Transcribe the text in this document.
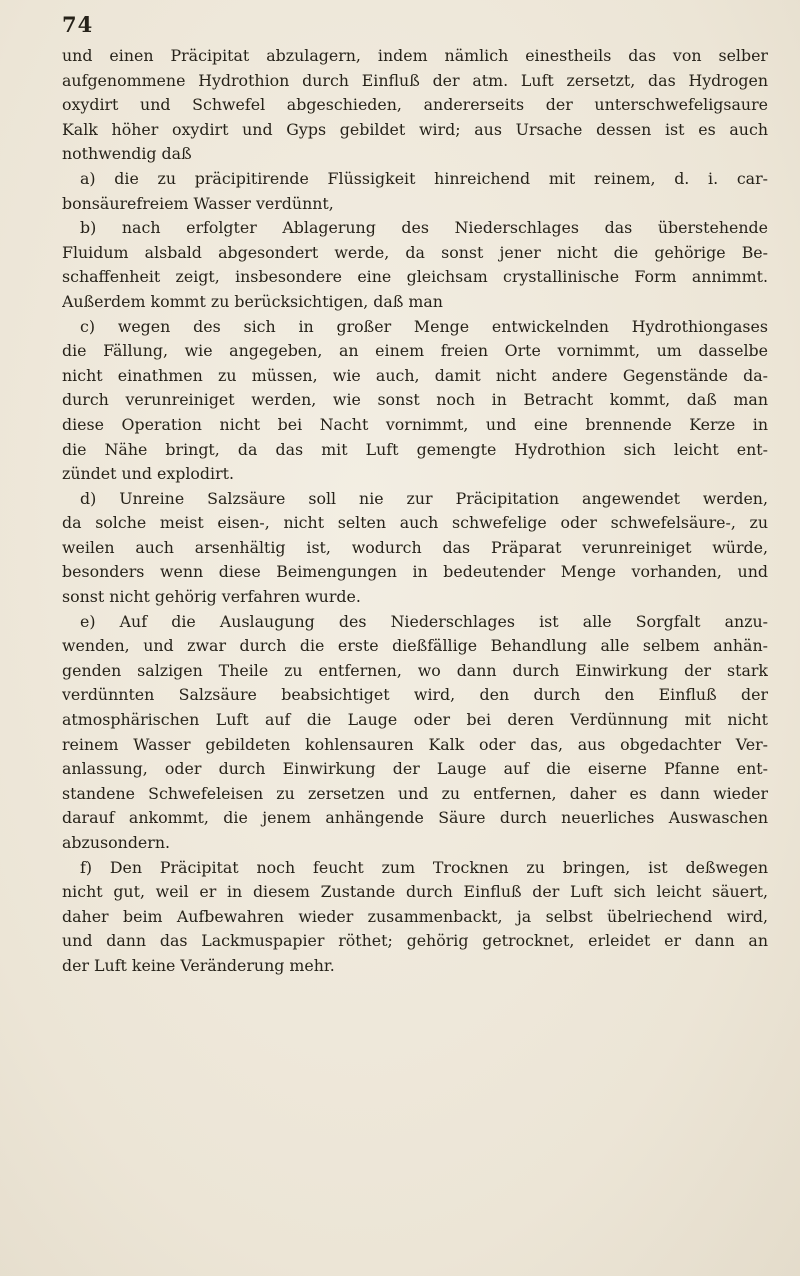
74
und einen Präcipitat abzulagern, indem nämlich einestheils das von selber
aufgenommene Hydrothion durch Einfluß der atm. Luft zersetzt, das Hydrogen
oxydirt und Schwefel abgeschieden, andererseits der unterschwefeligsaure
Kalk höher oxydirt und Gyps gebildet wird; aus Ursache dessen ist es auch
nothwendig daß
a) die zu präcipitirende Flüssigkeit hinreichend mit reinem, d. i. car-
bonsäurefreiem Wasser verdünnt,
b) nach erfolgter Ablagerung des Niederschlages das überstehende
Fluidum alsbald abgesondert werde, da sonst jener nicht die gehörige Be-
schaffenheit zeigt, insbesondere eine gleichsam crystallinische Form annimmt.
Außerdem kommt zu berücksichtigen, daß man
c) wegen des sich in großer Menge entwickelnden Hydrothiongases
die Fällung, wie angegeben, an einem freien Orte vornimmt, um dasselbe
nicht einathmen zu müssen, wie auch, damit nicht andere Gegenstände da-
durch verunreiniget werden, wie sonst noch in Betracht kommt, daß man
diese Operation nicht bei Nacht vornimmt, und eine brennende Kerze in
die Nähe bringt, da das mit Luft gemengte Hydrothion sich leicht ent-
zündet und explodirt.
d) Unreine Salzsäure soll nie zur Präcipitation angewendet werden,
da solche meist eisen-, nicht selten auch schwefelige oder schwefelsäure-, zu
weilen auch arsenhältig ist, wodurch das Präparat verunreiniget würde,
besonders wenn diese Beimengungen in bedeutender Menge vorhanden, und
sonst nicht gehörig verfahren wurde.
e) Auf die Auslaugung des Niederschlages ist alle Sorgfalt anzu-
wenden, und zwar durch die erste dießfällige Behandlung alle selbem anhän-
genden salzigen Theile zu entfernen, wo dann durch Einwirkung der stark
verdünnten Salzsäure beabsichtiget wird, den durch den Einfluß der
atmosphärischen Luft auf die Lauge oder bei deren Verdünnung mit nicht
reinem Wasser gebildeten kohlensauren Kalk oder das, aus obgedachter Ver-
anlassung, oder durch Einwirkung der Lauge auf die eiserne Pfanne ent-
standene Schwefeleisen zu zersetzen und zu entfernen, daher es dann wieder
darauf ankommt, die jenem anhängende Säure durch neuerliches Auswaschen
abzusondern.
f) Den Präcipitat noch feucht zum Trocknen zu bringen, ist deßwegen
nicht gut, weil er in diesem Zustande durch Einfluß der Luft sich leicht säuert,
daher beim Aufbewahren wieder zusammenbackt, ja selbst übelriechend wird,
und dann das Lackmuspapier röthet; gehörig getrocknet, erleidet er dann an
der Luft keine Veränderung mehr.
